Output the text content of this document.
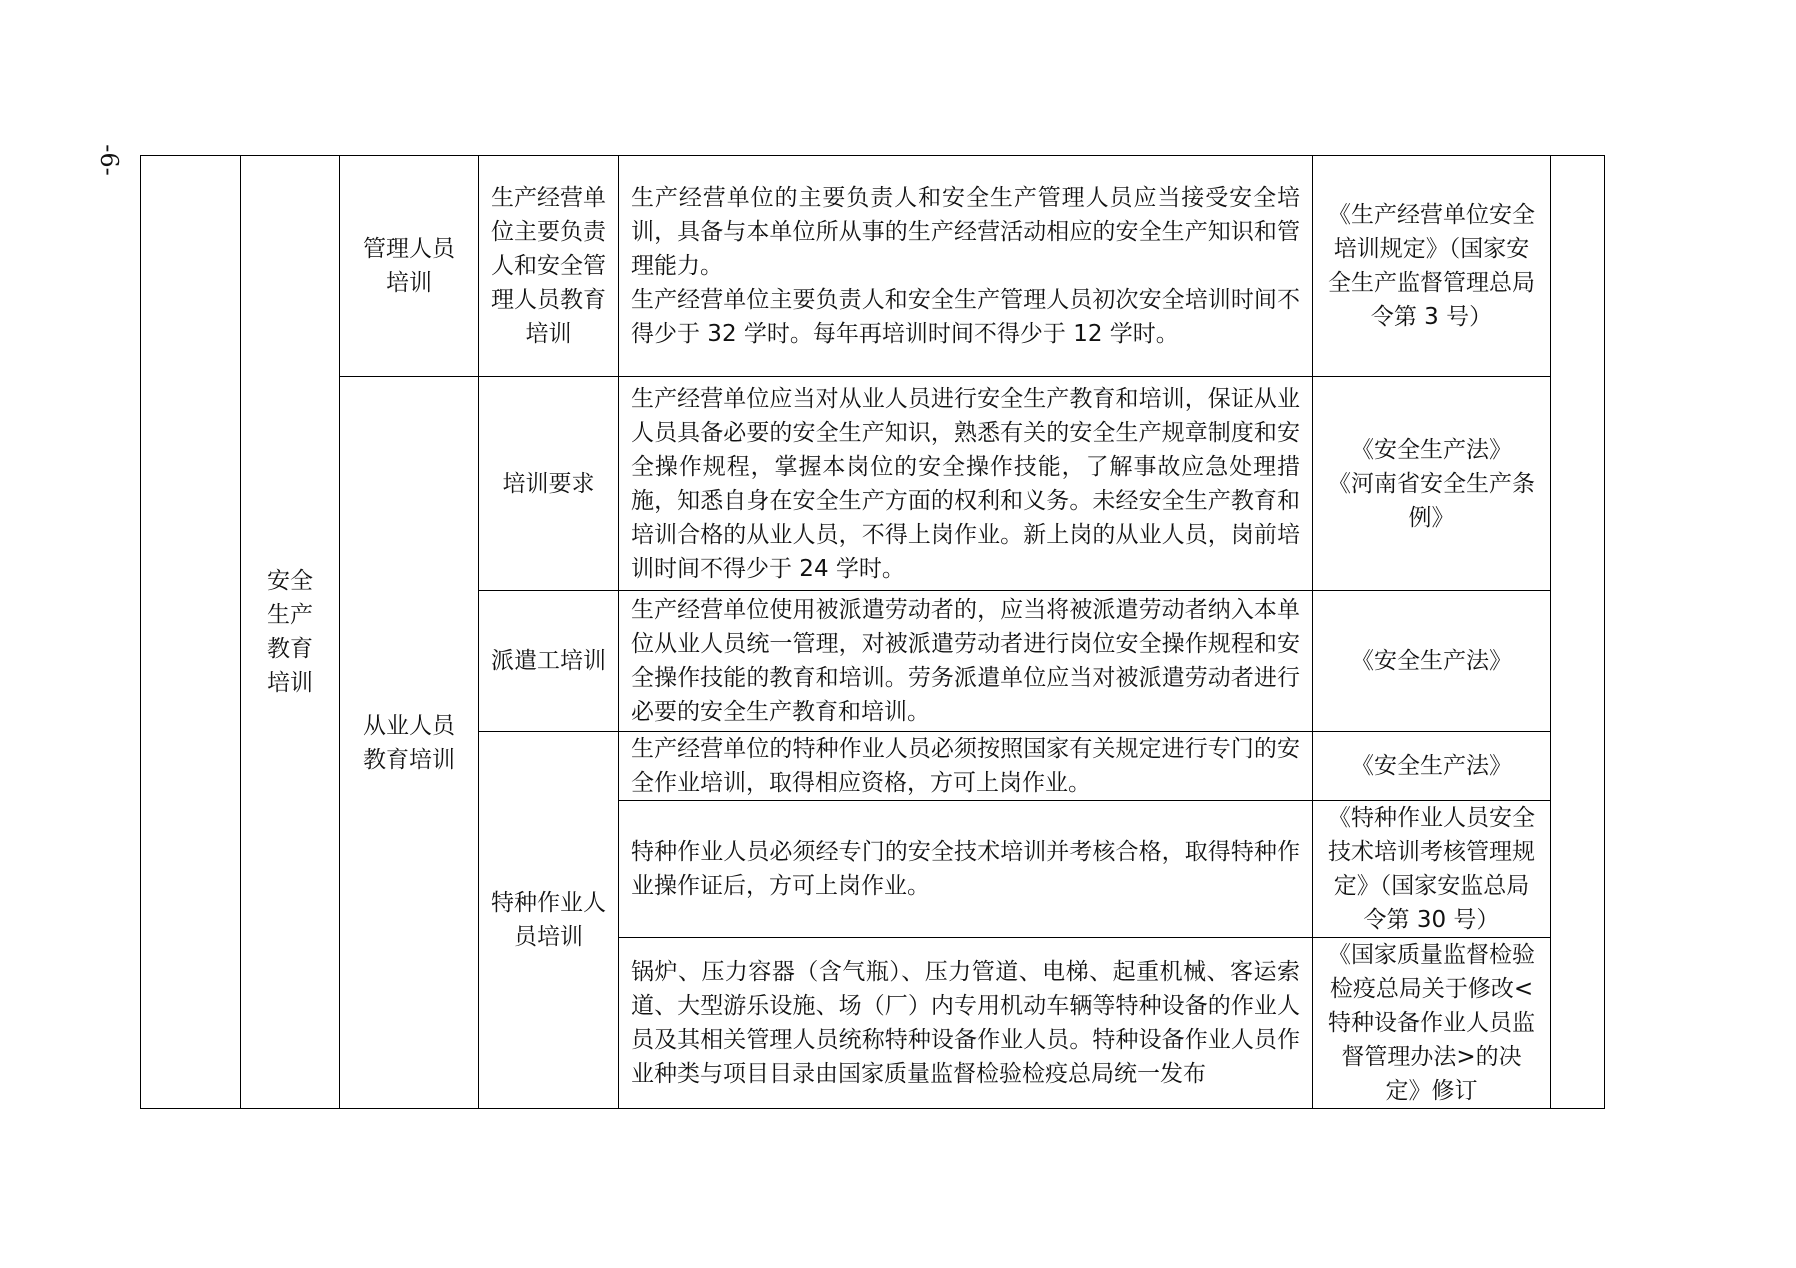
-6-
	安全生产教育培训	管理人员培训	生产经营单位主要负责人和安全管理人员教育培训	生产经营单位的主要负责人和安全生产管理人员应当接受安全培训，具备与本单位所从事的生产经营活动相应的安全生产知识和管理能力。
生产经营单位主要负责人和安全生产管理人员初次安全培训时间不得少于 32 学时。每年再培训时间不得少于 12 学时。	《生产经营单位安全培训规定》（国家安全生产监督管理总局令第 3 号）	
		从业人员教育培训	培训要求	生产经营单位应当对从业人员进行安全生产教育和培训，保证从业人员具备必要的安全生产知识，熟悉有关的安全生产规章制度和安全操作规程，掌握本岗位的安全操作技能，了解事故应急处理措施，知悉自身在安全生产方面的权利和义务。未经安全生产教育和培训合格的从业人员，不得上岗作业。新上岗的从业人员，岗前培训时间不得少于 24 学时。	《安全生产法》
《河南省安全生产条例》	
			派遣工培训	生产经营单位使用被派遣劳动者的，应当将被派遣劳动者纳入本单位从业人员统一管理，对被派遣劳动者进行岗位安全操作规程和安全操作技能的教育和培训。劳务派遣单位应当对被派遣劳动者进行必要的安全生产教育和培训。	《安全生产法》	
			特种作业人员培训	生产经营单位的特种作业人员必须按照国家有关规定进行专门的安全作业培训，取得相应资格，方可上岗作业。	《安全生产法》	
				特种作业人员必须经专门的安全技术培训并考核合格，取得特种作业操作证后，方可上岗作业。	《特种作业人员安全技术培训考核管理规定》（国家安监总局令第 30 号）	
				锅炉、压力容器（含气瓶）、压力管道、电梯、起重机械、客运索道、大型游乐设施、场（厂）内专用机动车辆等特种设备的作业人员及其相关管理人员统称特种设备作业人员。特种设备作业人员作业种类与项目目录由国家质量监督检验检疫总局统一发布	《国家质量监督检验检疫总局关于修改<特种设备作业人员监督管理办法>的决定》修订	
